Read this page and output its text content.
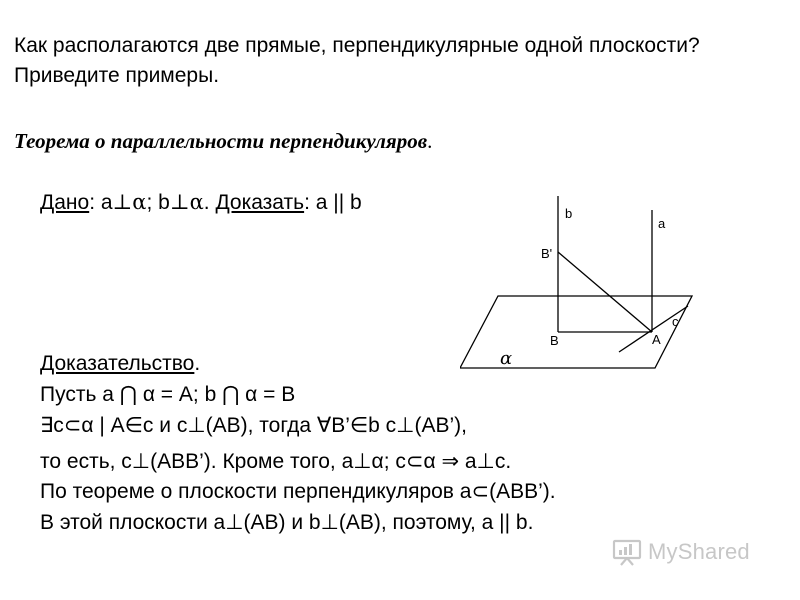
Как располагаются две прямые, перпендикулярные одной плоскости?
Приведите примеры.
Теорема о параллельности перпендикуляров.
Дано: a⊥α; b⊥α. Доказать: a || b	b
a
B'
B	A
c
α
Доказательство.
Пусть a ⋂ α = A; b ⋂ α = B
∃c⊂α | A∈c и c⊥(AB), тогда ∀B’∈b c⊥(AB’),
то есть, c⊥(ABB’). Кроме того, a⊥α; c⊂α ⇒ a⊥c.
По теореме о плоскости перпендикуляров a⊂(ABB’).
В этой плоскости a⊥(AB) и b⊥(AB), поэтому, a || b.
MyShared
